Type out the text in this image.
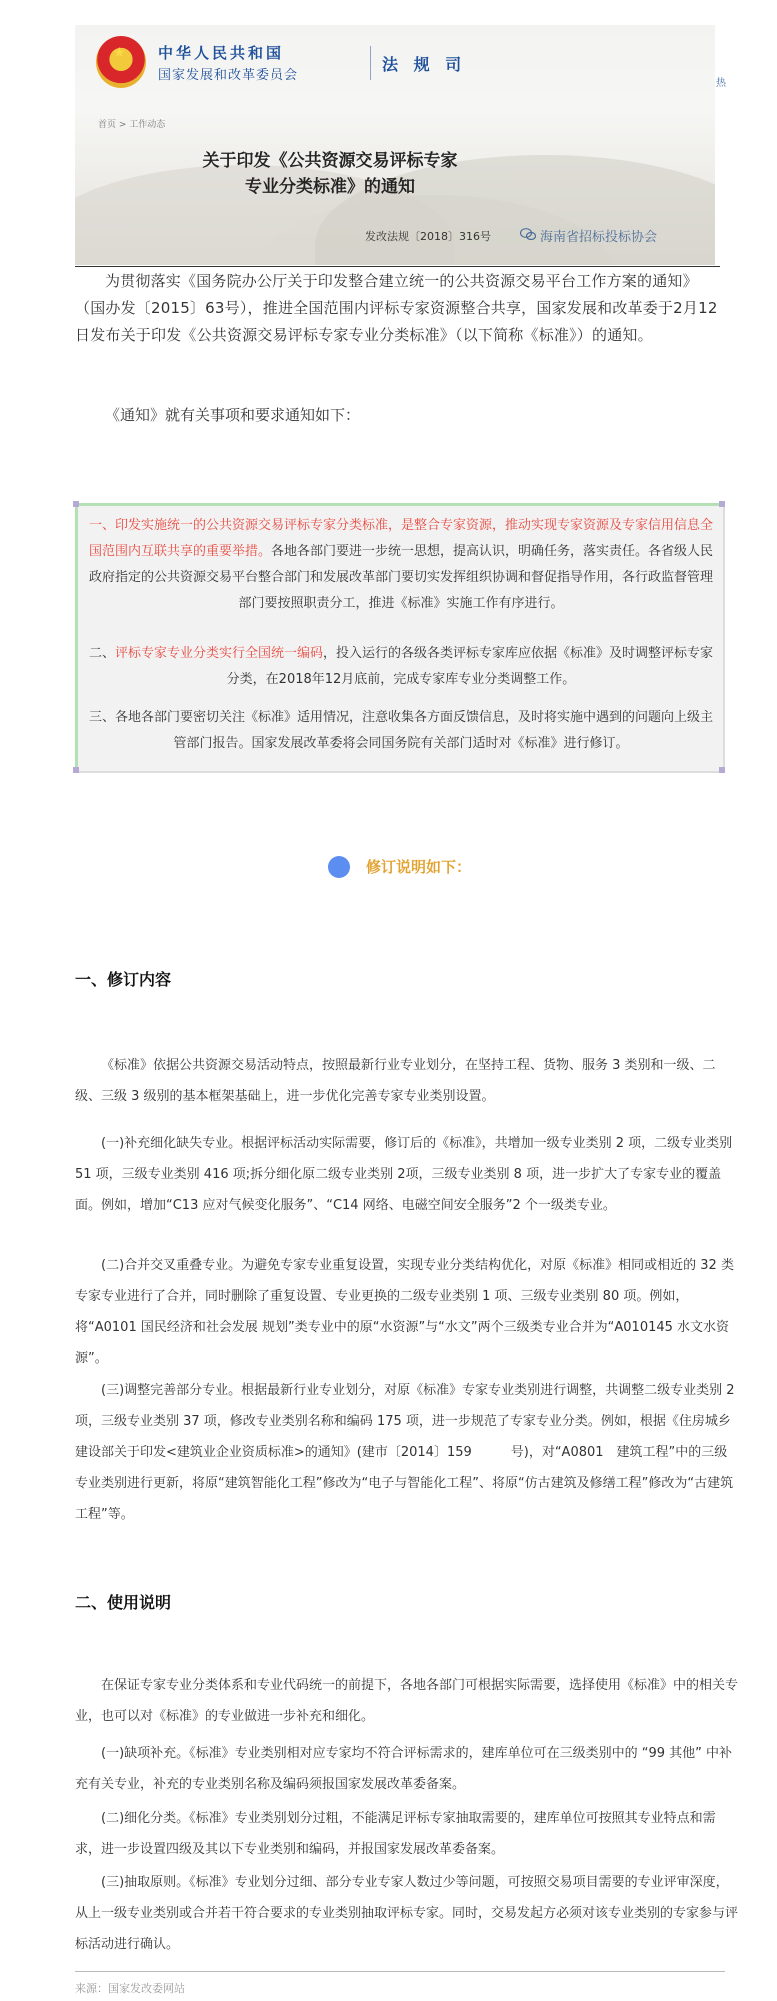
★ 中华人民共和国
国家发展和改革委员会
法 规 司
热
首页 > 工作动态
关于印发《公共资源交易评标专家
专业分类标准》的通知
发改法规〔2018〕316号	海南省招标投标协会
为贯彻落实《国务院办公厅关于印发整合建立统一的公共资源交易平台工作方案的通知》（国办发〔2015〕63号），推进全国范围内评标专家资源整合共享，国家发展和改革委于2月12日发布关于印发《公共资源交易评标专家专业分类标准》（以下简称《标准》）的通知。
《通知》就有关事项和要求通知如下：
一、印发实施统一的公共资源交易评标专家分类标准，是整合专家资源，推动实现专家资源及专家信用信息全国范围内互联共享的重要举措。各地各部门要进一步统一思想，提高认识，明确任务，落实责任。各省级人民政府指定的公共资源交易平台整合部门和发展改革部门要切实发挥组织协调和督促指导作用，各行政监督管理部门要按照职责分工，推进《标准》实施工作有序进行。
二、评标专家专业分类实行全国统一编码，投入运行的各级各类评标专家库应依据《标准》及时调整评标专家分类，在2018年12月底前，完成专家库专业分类调整工作。
三、各地各部门要密切关注《标准》适用情况，注意收集各方面反馈信息，及时将实施中遇到的问题向上级主管部门报告。国家发展改革委将会同国务院有关部门适时对《标准》进行修订。
修订说明如下：
一、修订内容
《标准》依据公共资源交易活动特点，按照最新行业专业划分，在坚持工程、货物、服务 3 类别和一级、二级、三级 3 级别的基本框架基础上，进一步优化完善专家专业类别设置。
(一)补充细化缺失专业。根据评标活动实际需要，修订后的《标准》，共增加一级专业类别 2 项，二级专业类别 51 项，三级专业类别 416 项;拆分细化原二级专业类别 2项，三级专业类别 8 项，进一步扩大了专家专业的覆盖面。例如，增加“C13 应对气候变化服务”、“C14 网络、电磁空间安全服务”2 个一级类专业。
(二)合并交叉重叠专业。为避免专家专业重复设置，实现专业分类结构优化，对原《标准》相同或相近的 32 类专家专业进行了合并，同时删除了重复设置、专业更换的二级专业类别 1 项、三级专业类别 80 项。例如，将“A0101 国民经济和社会发展 规划”类专业中的原“水资源”与“水文”两个三级类专业合并为“A010145 水文水资源”。
(三)调整完善部分专业。根据最新行业专业划分，对原《标准》专家专业类别进行调整，共调整二级专业类别 2 项，三级专业类别 37 项，修改专业类别名称和编码 175 项，进一步规范了专家专业分类。例如，根据《住房城乡建设部关于印发<建筑业企业资质标准>的通知》(建市〔2014〕159　　　号)，对“A0801　建筑工程”中的三级专业类别进行更新，将原“建筑智能化工程”修改为“电子与智能化工程”、将原“仿古建筑及修缮工程”修改为“古建筑工程”等。
二、使用说明
在保证专家专业分类体系和专业代码统一的前提下，各地各部门可根据实际需要，选择使用《标准》中的相关专业，也可以对《标准》的专业做进一步补充和细化。
(一)缺项补充。《标准》专业类别相对应专家均不符合评标需求的，建库单位可在三级类别中的 “99 其他” 中补充有关专业，补充的专业类别名称及编码须报国家发展改革委备案。
(二)细化分类。《标准》专业类别划分过粗，不能满足评标专家抽取需要的，建库单位可按照其专业特点和需求，进一步设置四级及其以下专业类别和编码，并报国家发展改革委备案。
(三)抽取原则。《标准》专业划分过细、部分专业专家人数过少等问题，可按照交易项目需要的专业评审深度，从上一级专业类别或合并若干符合要求的专业类别抽取评标专家。同时，交易发起方必须对该专业类别的专家参与评标活动进行确认。
来源：国家发改委网站
